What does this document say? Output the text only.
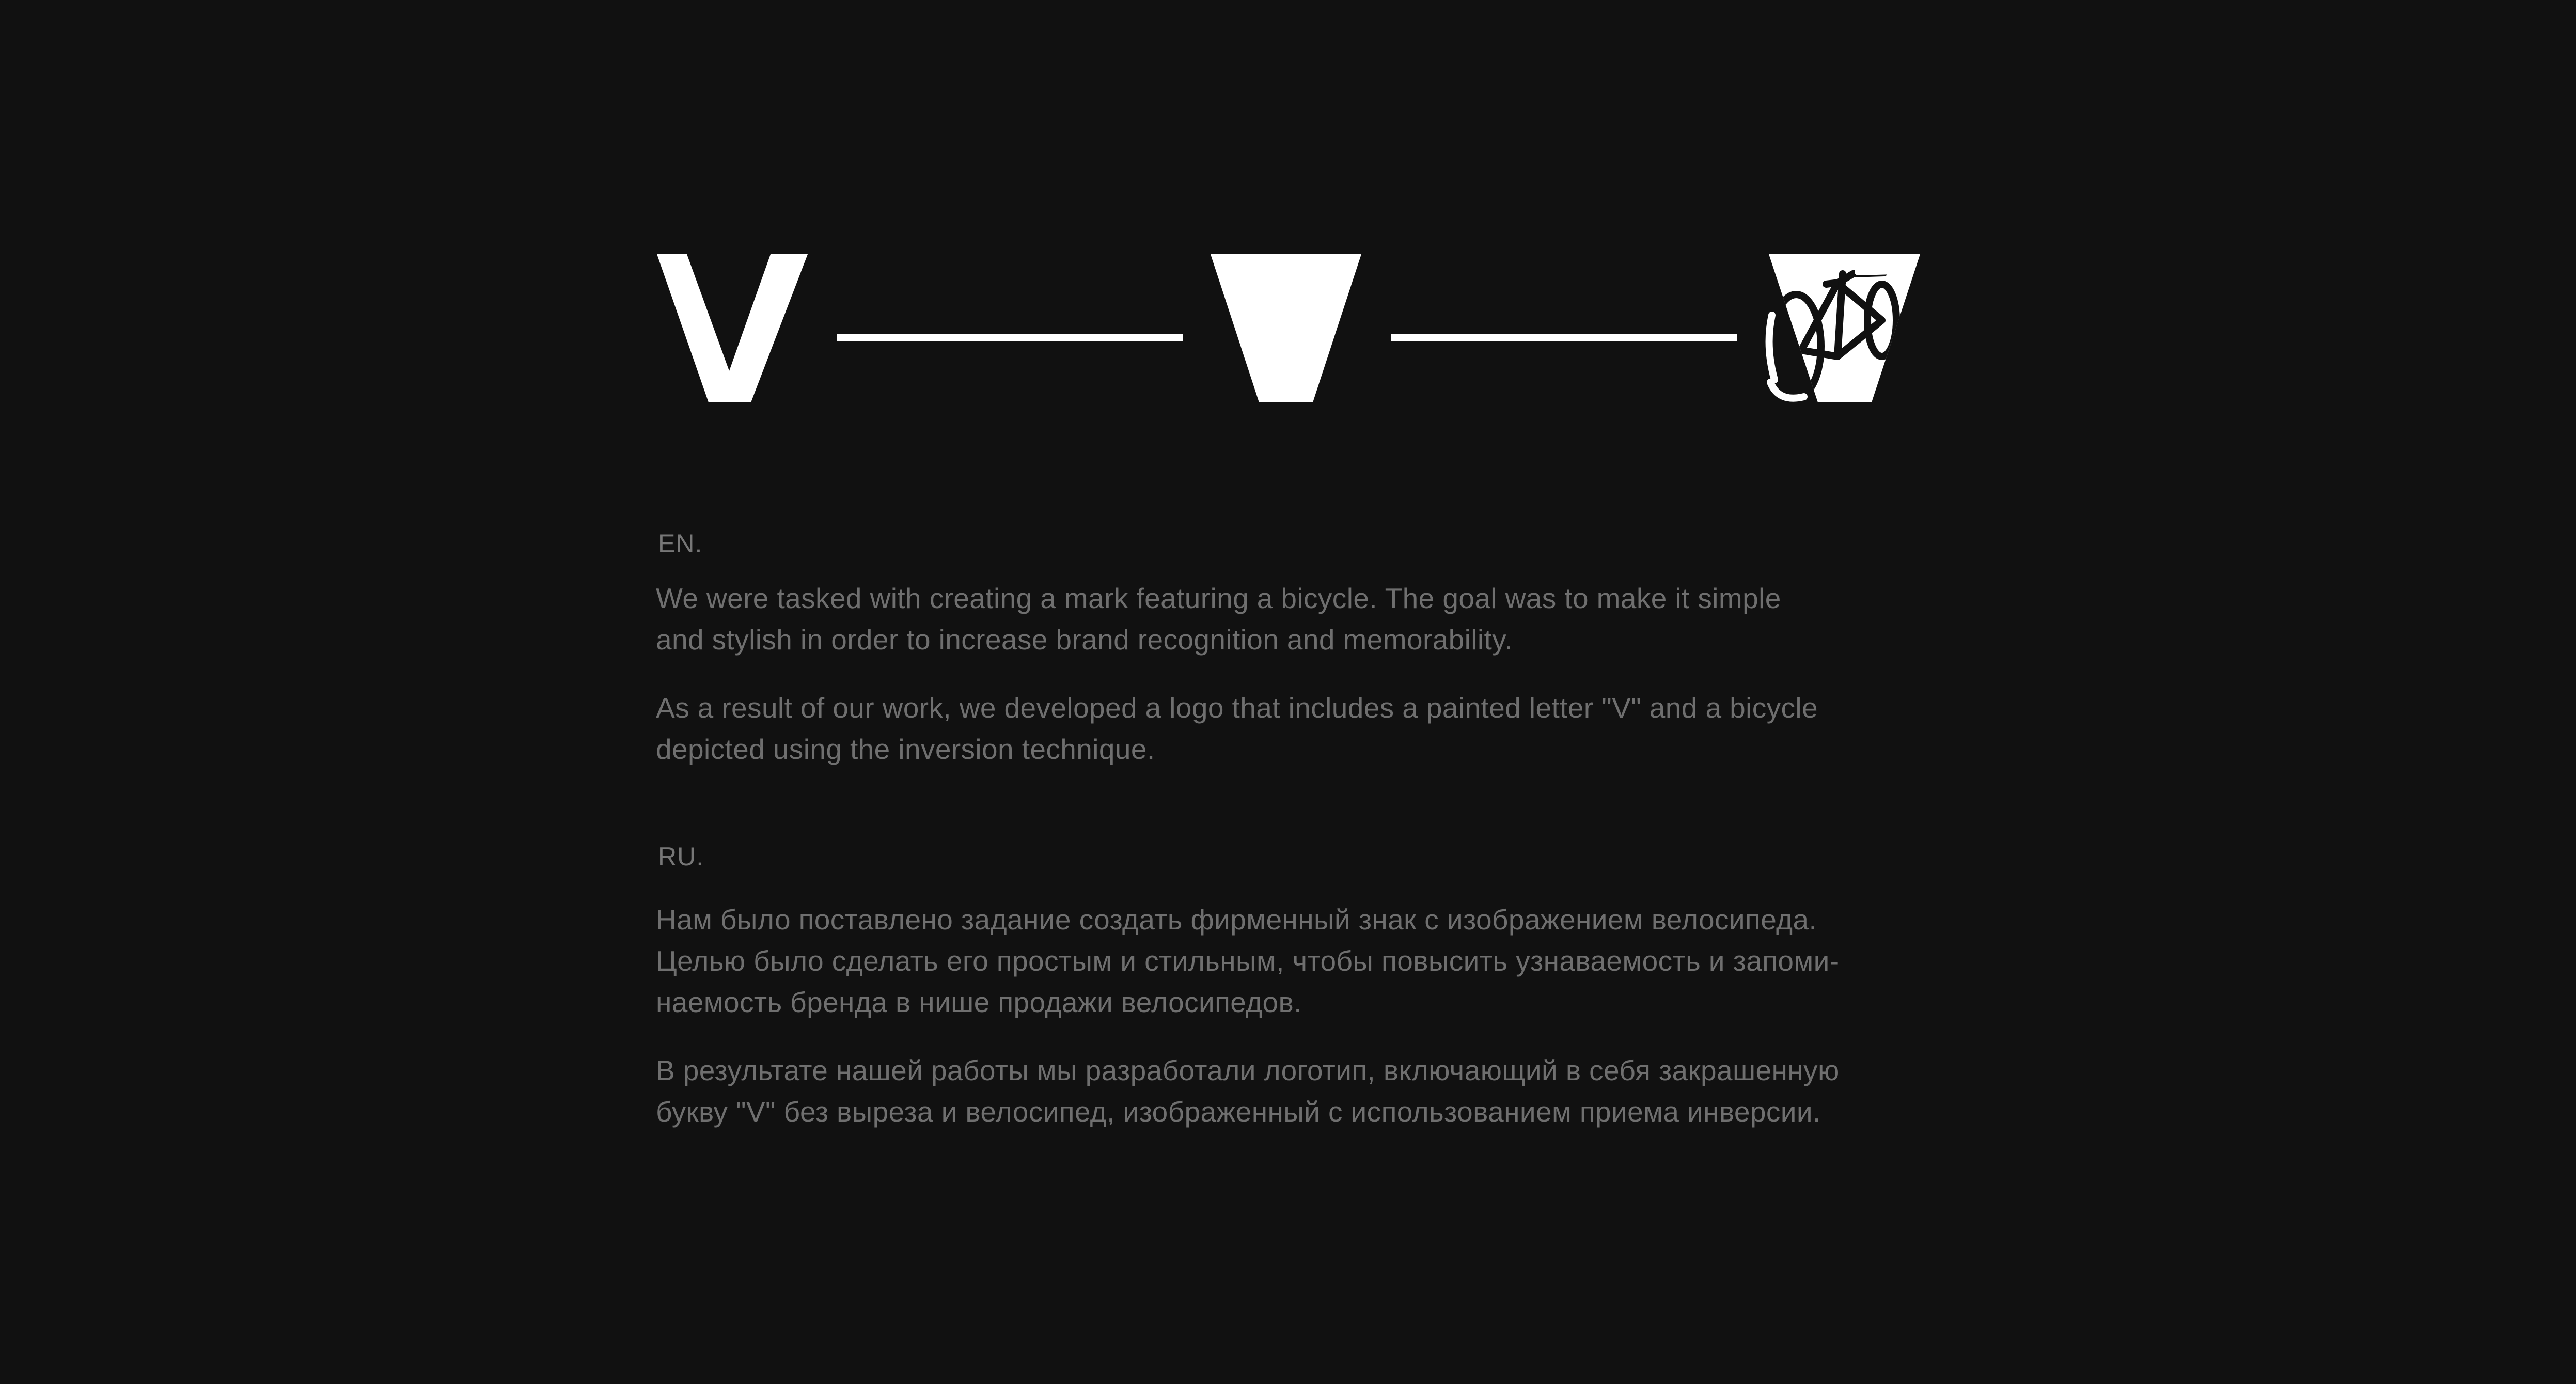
EN.

We were tasked with creating a mark featuring a bicycle. The goal was to make it simple
and stylish in order to increase brand recognition and memorability.

As a result of our work, we developed a logo that includes a painted letter "V" and a bicycle
depicted using the inversion technique.

RU.

Нам было поставлено задание создать фирменный знак с изображением велосипеда.
Целью было сделать его простым и стильным, чтобы повысить узнаваемость и запоми-
наемость бренда в нише продажи велосипедов.

В результате нашей работы мы разработали логотип, включающий в себя закрашенную
букву "V" без выреза и велосипед, изображенный с использованием приема инверсии.
